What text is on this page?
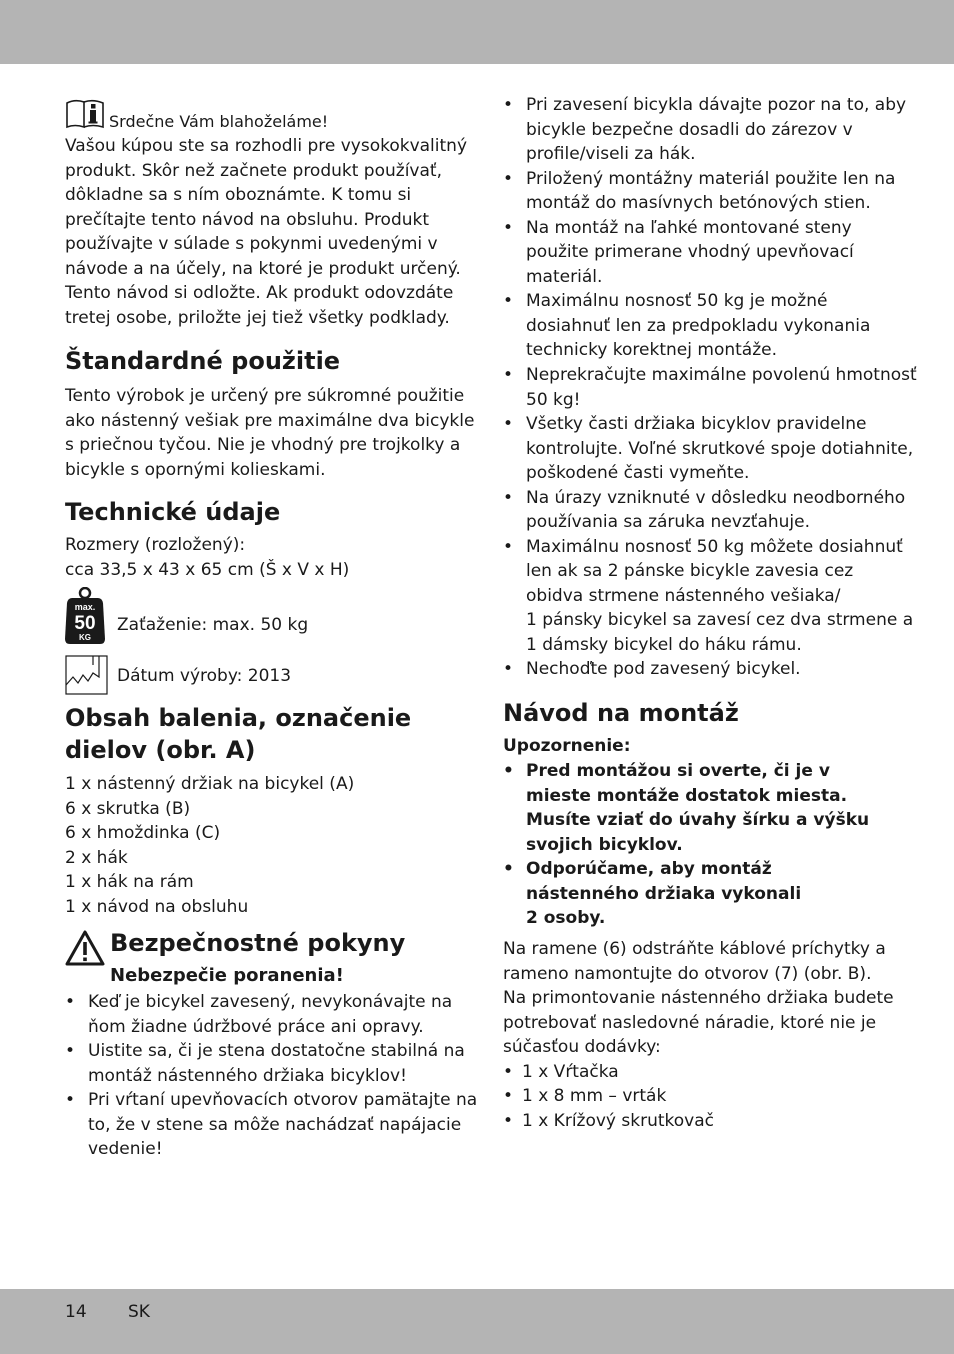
Srdečne Vám blahoželáme!
Vašou kúpou ste sa rozhodli pre vysokokvalitný
produkt. Skôr než začnete produkt používať,
dôkladne sa s ním oboznámte. K tomu si
prečítajte tento návod na obsluhu. Produkt
používajte v súlade s pokynmi uvedenými v
návode a na účely, na ktoré je produkt určený.
Tento návod si odložte. Ak produkt odovzdáte
tretej osobe, priložte jej tiež všetky podklady.
Štandardné použitie
Tento výrobok je určený pre súkromné použitie
ako nástenný vešiak pre maximálne dva bicykle
s priečnou tyčou. Nie je vhodný pre trojkolky a
bicykle s opornými kolieskami.
Technické údaje
Rozmery (rozložený):
cca 33,5 x 43 x 65 cm (Š x V x H)
max.
50
KG
Zaťaženie: max. 50 kg
Dátum výroby: 2013
Obsah balenia, označenie
dielov (obr. A)
1 x nástenný držiak na bicykel (A)
6 x skrutka (B)
6 x hmoždinka (C)
2 x hák
1 x hák na rám
1 x návod na obsluhu
Bezpečnostné pokyny
Nebezpečie poranenia!
• Keď je bicykel zavesený, nevykonávajte na
ňom žiadne údržbové práce ani opravy.
• Uistite sa, či je stena dostatočne stabilná na
montáž nástenného držiaka bicyklov!
• Pri vŕtaní upevňovacích otvorov pamätajte na
to, že v stene sa môže nachádzať napájacie
vedenie!
• Pri zavesení bicykla dávajte pozor na to, aby
bicykle bezpečne dosadli do zárezov v
profile/viseli za hák.
• Priložený montážny materiál použite len na
montáž do masívnych betónových stien.
• Na montáž na ľahké montované steny
použite primerane vhodný upevňovací
materiál.
• Maximálnu nosnosť 50 kg je možné
dosiahnuť len za predpokladu vykonania
technicky korektnej montáže.
• Neprekračujte maximálne povolenú hmotnosť
50 kg!
• Všetky časti držiaka bicyklov pravidelne
kontrolujte. Voľné skrutkové spoje dotiahnite,
poškodené časti vymeňte.
• Na úrazy vzniknuté v dôsledku neodborného
používania sa záruka nevzťahuje.
• Maximálnu nosnosť 50 kg môžete dosiahnuť
len ak sa 2 pánske bicykle zavesia cez
obidva strmene nástenného vešiaka/
1 pánsky bicykel sa zavesí cez dva strmene a
1 dámsky bicykel do háku rámu.
• Nechoďte pod zavesený bicykel.
Návod na montáž
Upozornenie:
• Pred montážou si overte, či je v
mieste montáže dostatok miesta.
Musíte vziať do úvahy šírku a výšku
svojich bicyklov.
• Odporúčame, aby montáž
nástenného držiaka vykonali
2 osoby.
Na ramene (6) odstráňte káblové príchytky a
rameno namontujte do otvorov (7) (obr. B).
Na primontovanie nástenného držiaka budete
potrebovať nasledovné náradie, ktoré nie je
súčasťou dodávky:
• 1 x Vŕtačka
• 1 x 8 mm – vrták
• 1 x Krížový skrutkovač
14 SK
